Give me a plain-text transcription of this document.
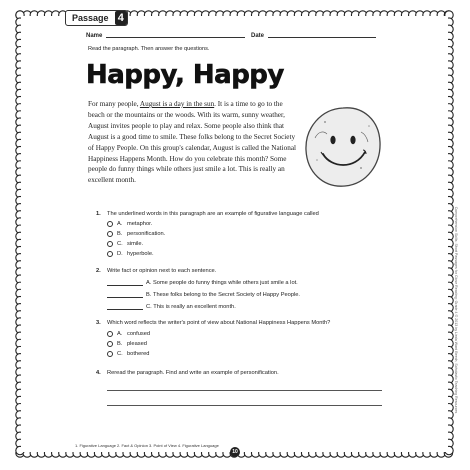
Passage 4
Name	Date
Read the paragraph. Then answer the questions.
Happy, Happy
For many people, August is a day in the sun. It is a time to go to the beach or the mountains or the woods. With its warm, sunny weather, August invites people to play and relax. Some people also think that August is a good time to smile. These folks belong to the Secret Society of Happy People. On this group's calendar, August is called the National Happiness Happens Month. How do you celebrate this month? Some people do funny things while others just smile a lot. This is really an excellent month.
1. The underlined words in this paragraph are an example of figurative language called
A. metaphor.
B. personification.
C. simile.
D. hyperbole.
2. Write fact or opinion next to each sentence.
A.
Some people do funny things while others just smile a lot.
B.
These folks belong to the Secret Society of Happy People.
C.
This is really an excellent month.
3. Which word reflects the writer's point of view about National Happiness Happens Month?
A. confused
B. pleased
C. bothered
4. Reread the paragraph. Find and write an example of personification.
1. Figurative Language 2. Fact & Opinion 3. Point of View 4. Figurative Language
10
Comprehension Skills: Short Passages for Close Reading: Grade 4 © 2013 by Linda Ward Beech, Scholastic Teaching Resources
